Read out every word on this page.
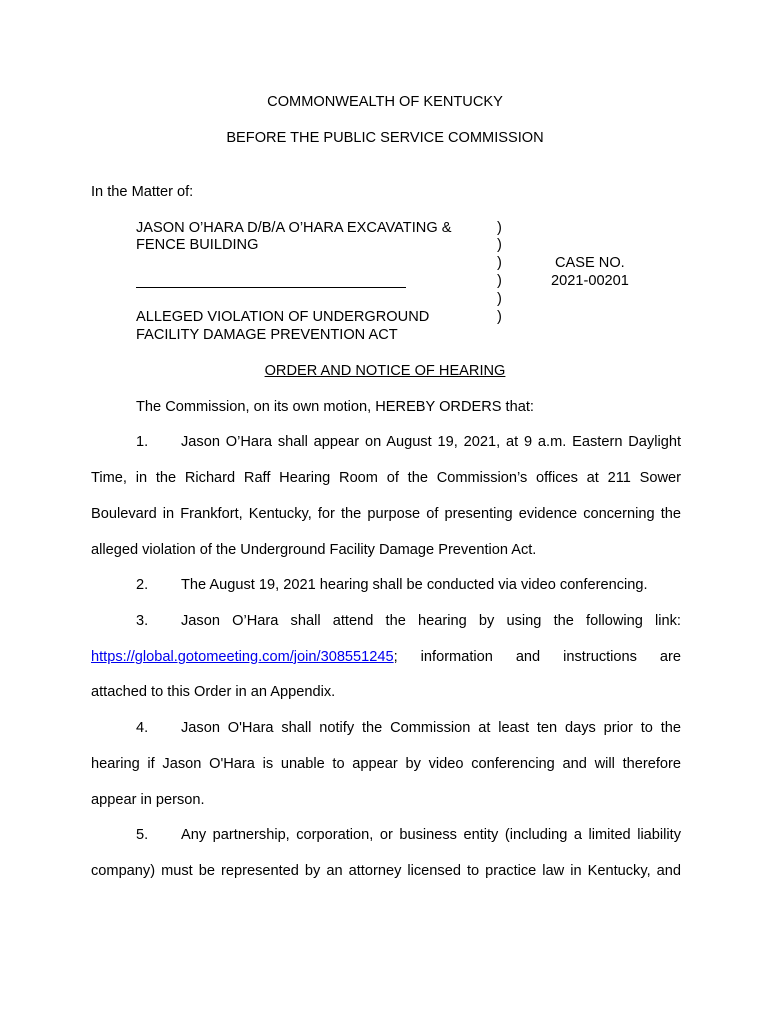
COMMONWEALTH OF KENTUCKY
BEFORE THE PUBLIC SERVICE COMMISSION
In the Matter of:
JASON O’HARA D/B/A O’HARA EXCAVATING &
FENCE BUILDING
ALLEGED VIOLATION OF UNDERGROUND
FACILITY DAMAGE PREVENTION ACT
)
)
)
)
)
)
CASE NO.
2021-00201
ORDER AND NOTICE OF HEARING
The Commission, on its own motion, HEREBY ORDERS that:
1. Jason O’Hara shall appear on August 19, 2021, at 9 a.m. Eastern Daylight
Time, in the Richard Raff Hearing Room of the Commission’s offices at 211 Sower
Boulevard in Frankfort, Kentucky, for the purpose of presenting evidence concerning the
alleged violation of the Underground Facility Damage Prevention Act.
2. The August 19, 2021 hearing shall be conducted via video conferencing.
3. Jason O’Hara shall attend the hearing by using the following link:
https://global.gotomeeting.com/join/308551245; information and instructions are
attached to this Order in an Appendix.
4. Jason O'Hara shall notify the Commission at least ten days prior to the
hearing if Jason O'Hara is unable to appear by video conferencing and will therefore
appear in person.
5. Any partnership, corporation, or business entity (including a limited liability
company) must be represented by an attorney licensed to practice law in Kentucky, and
